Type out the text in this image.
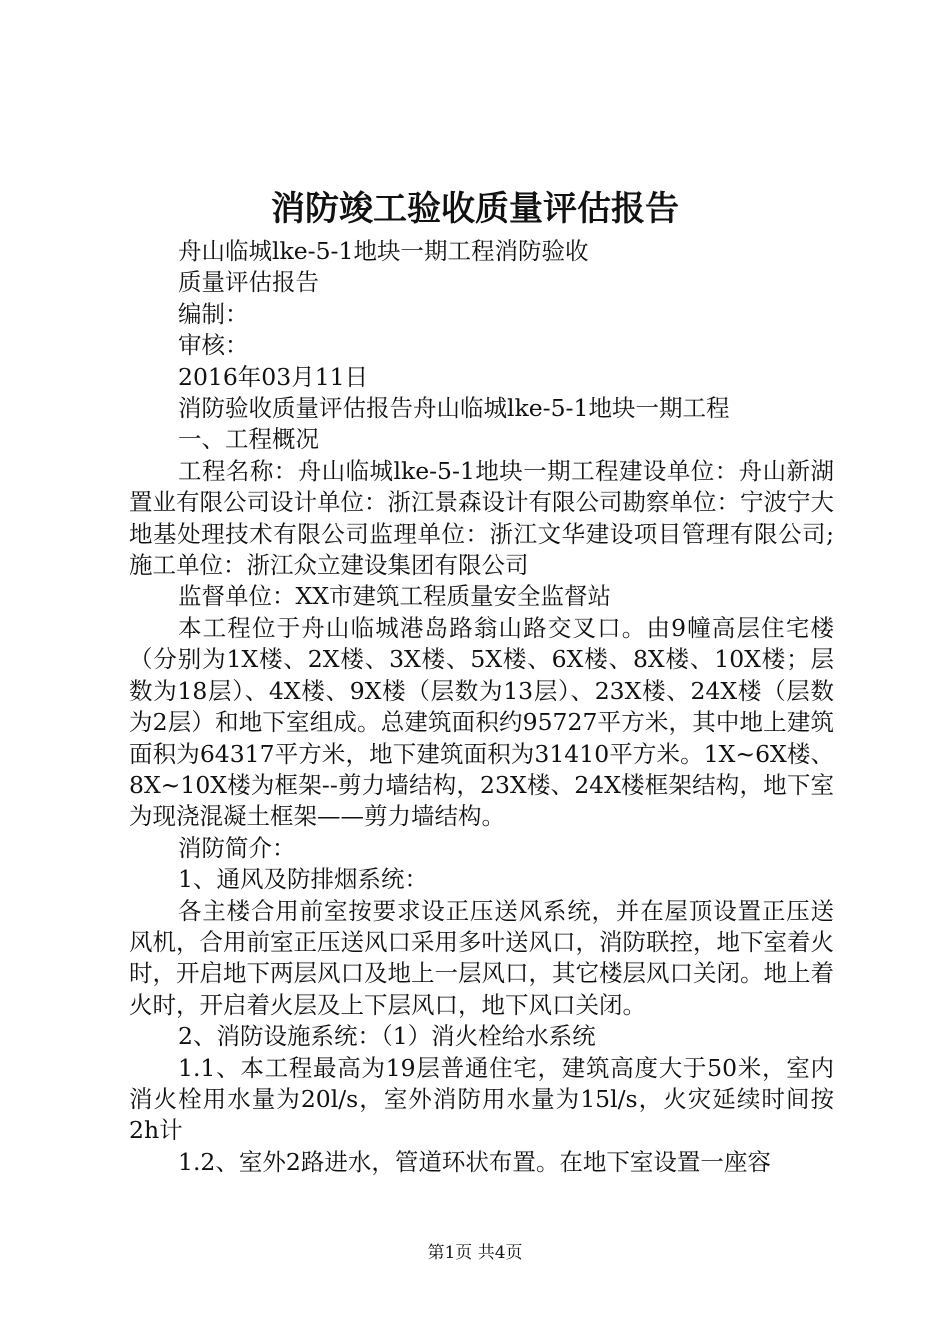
消防竣工验收质量评估报告

舟山临城lke-5-1地块一期工程消防验收

质量评估报告

编制：

审核：

2016年03月11日

消防验收质量评估报告舟山临城lke-5-1地块一期工程

一、工程概况

工程名称：舟山临城lke-5-1地块一期工程建设单位：舟山新湖置业有限公司设计单位：浙江景森设计有限公司勘察单位：宁波宁大地基处理技术有限公司监理单位：浙江文华建设项目管理有限公司;施工单位：浙江众立建设集团有限公司

监督单位：XX市建筑工程质量安全监督站

本工程位于舟山临城港岛路翁山路交叉口。由9幢高层住宅楼（分别为1X楼、2X楼、3X楼、5X楼、6X楼、8X楼、10X楼；层数为18层）、4X楼、9X楼（层数为13层）、23X楼、24X楼（层数为2层）和地下室组成。总建筑面积约95727平方米，其中地上建筑面积为64317平方米，地下建筑面积为31410平方米。1X~6X楼、8X~10X楼为框架--剪力墙结构，23X楼、24X楼框架结构，地下室为现浇混凝土框架——剪力墙结构。

消防简介：

1、通风及防排烟系统：

各主楼合用前室按要求设正压送风系统，并在屋顶设置正压送风机，合用前室正压送风口采用多叶送风口，消防联控，地下室着火时，开启地下两层风口及地上一层风口，其它楼层风口关闭。地上着火时，开启着火层及上下层风口，地下风口关闭。

2、消防设施系统：（1）消火栓给水系统

1.1、本工程最高为19层普通住宅，建筑高度大于50米，室内消火栓用水量为20l/s，室外消防用水量为15l/s，火灾延续时间按2h计

1.2、室外2路进水，管道环状布置。在地下室设置一座容

第1页 共4页
